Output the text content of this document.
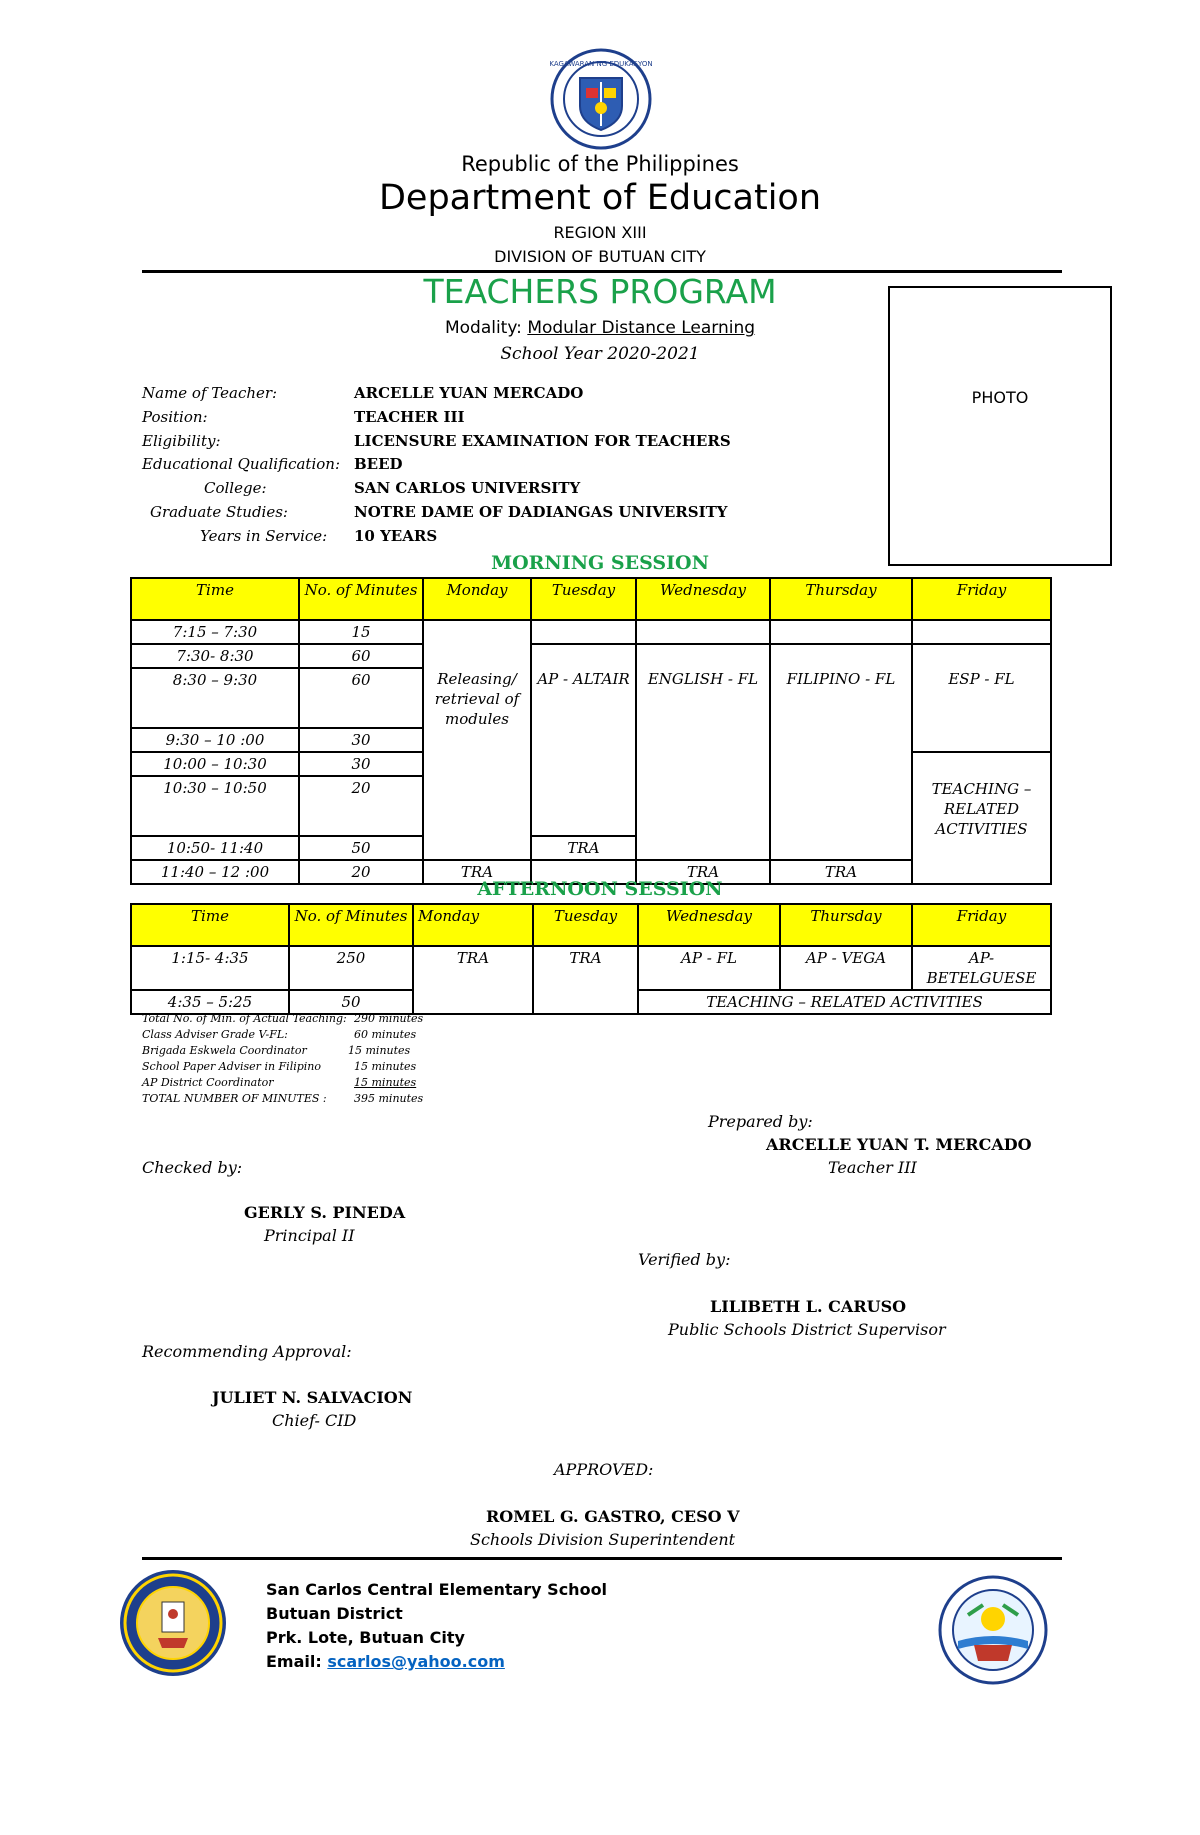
KAGAWARAN NG EDUKASYON
Republic of the Philippines
Department of Education
REGION XIII
DIVISION OF BUTUAN CITY
TEACHERS PROGRAM
Modality: Modular Distance Learning
School Year 2020-2021
PHOTO
Name of Teacher:	ARCELLE YUAN MERCADO
Position:	TEACHER III
Eligibility:	LICENSURE EXAMINATION FOR TEACHERS
Educational Qualification: BEED
College:	SAN CARLOS UNIVERSITY
Graduate Studies:	NOTRE DAME OF DADIANGAS UNIVERSITY
Years in Service: 10 YEARS
MORNING SESSION
Time	No. of Minutes	Monday	Tuesday	Wednesday	Thursday	Friday
7:15 – 7:30	15	Releasing/ retrieval of modules				
7:30- 8:30	60		AP - ALTAIR	ENGLISH - FL	FILIPINO - FL	ESP - FL
8:30 – 9:30	60					
9:30 – 10 :00	30					
10:00 – 10:30	30					TEACHING – RELATED ACTIVITIES
10:30 – 10:50	20					
10:50- 11:40	50		TRA			
11:40 – 12 :00	20	TRA		TRA	TRA	
AFTERNOON SESSION
Time	No. of Minutes	Monday	Tuesday	Wednesday	Thursday	Friday
1:15- 4:35	250	TRA	TRA	AP - FL	AP - VEGA	AP- BETELGUESE
4:35 – 5:25	50			TEACHING – RELATED ACTIVITIES		
Total No. of Min. of Actual Teaching: 290 minutes
Class Adviser Grade V-FL:	60 minutes
Brigada Eskwela Coordinator	15 minutes
School Paper Adviser in Filipino	15 minutes
AP District Coordinator	15 minutes
TOTAL NUMBER OF MINUTES : 395 minutes
Prepared by:
ARCELLE YUAN T. MERCADO
Teacher III
Checked by:
GERLY S. PINEDA
Principal II
Verified by:
LILIBETH L. CARUSO
Public Schools District Supervisor
Recommending Approval:
JULIET N. SALVACION
Chief- CID
APPROVED:
ROMEL G. GASTRO, CESO V
Schools Division Superintendent
San Carlos Central Elementary School
Butuan District
Prk. Lote, Butuan City
Email: scarlos@yahoo.com
